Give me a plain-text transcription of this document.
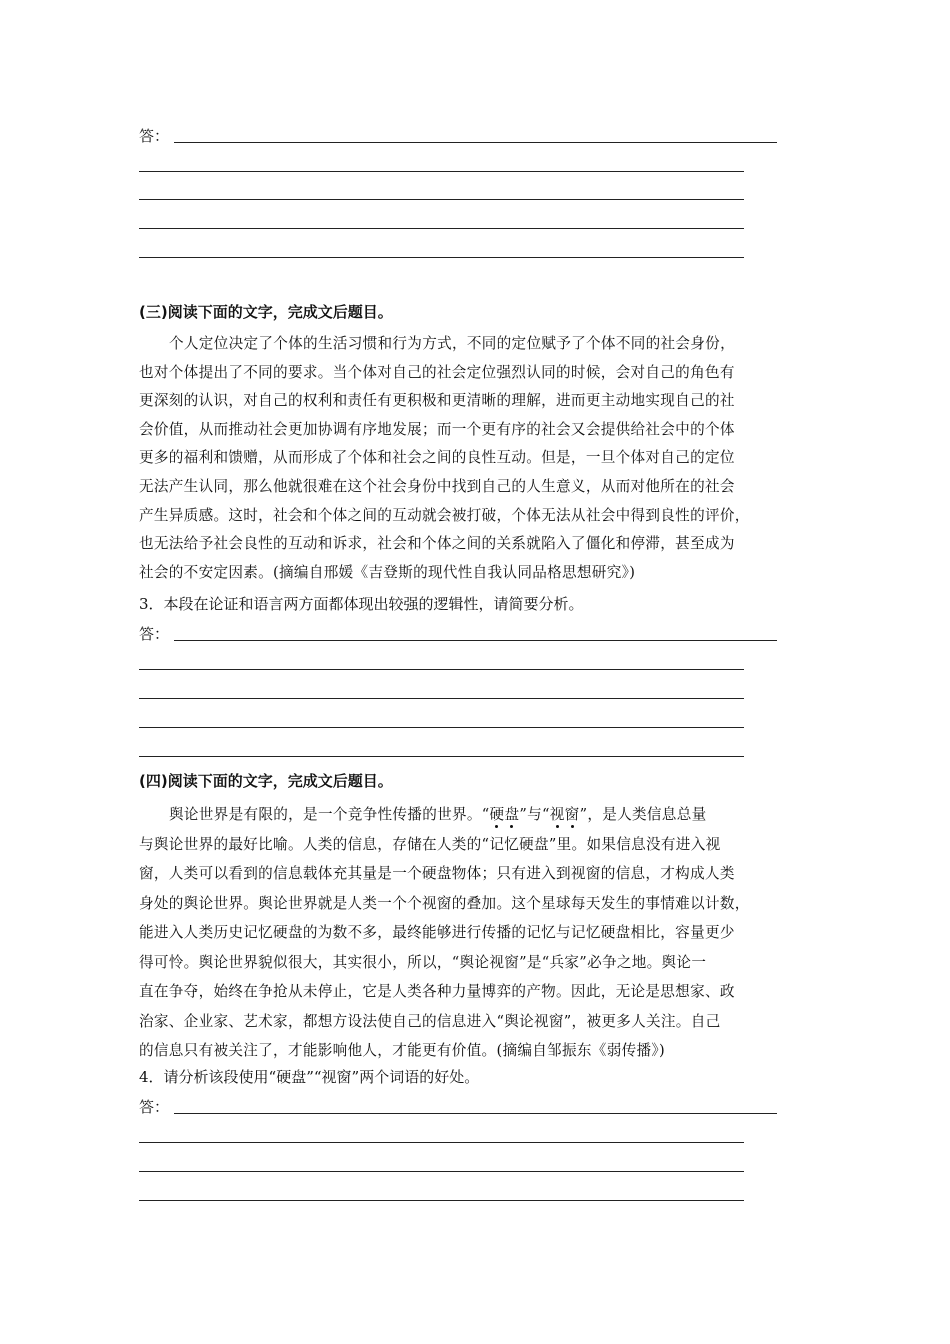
答：
(三)阅读下面的文字，完成文后题目。

个人定位决定了个体的生活习惯和行为方式，不同的定位赋予了个体不同的社会身份，

也对个体提出了不同的要求。当个体对自己的社会定位强烈认同的时候，会对自己的角色有

更深刻的认识，对自己的权利和责任有更积极和更清晰的理解，进而更主动地实现自己的社

会价值，从而推动社会更加协调有序地发展；而一个更有序的社会又会提供给社会中的个体

更多的福利和馈赠，从而形成了个体和社会之间的良性互动。但是，一旦个体对自己的定位

无法产生认同，那么他就很难在这个社会身份中找到自己的人生意义，从而对他所在的社会

产生异质感。这时，社会和个体之间的互动就会被打破，个体无法从社会中得到良性的评价，

也无法给予社会良性的互动和诉求，社会和个体之间的关系就陷入了僵化和停滞，甚至成为

社会的不安定因素。(摘编自邢媛《吉登斯的现代性自我认同品格思想研究》)

3．本段在论证和语言两方面都体现出较强的逻辑性，请简要分析。
答：
(四)阅读下面的文字，完成文后题目。

舆论世界是有限的，是一个竞争性传播的世界。“硬盘”与“视窗”，是人类信息总量

与舆论世界的最好比喻。人类的信息，存储在人类的“记忆硬盘”里。如果信息没有进入视

窗，人类可以看到的信息载体充其量是一个硬盘物体；只有进入到视窗的信息，才构成人类

身处的舆论世界。舆论世界就是人类一个个视窗的叠加。这个星球每天发生的事情难以计数，

能进入人类历史记忆硬盘的为数不多，最终能够进行传播的记忆与记忆硬盘相比，容量更少

得可怜。舆论世界貌似很大，其实很小，所以，“舆论视窗”是“兵家”必争之地。舆论一

直在争夺，始终在争抢从未停止，它是人类各种力量博弈的产物。因此，无论是思想家、政

治家、企业家、艺术家，都想方设法使自己的信息进入“舆论视窗”，被更多人关注。自己

的信息只有被关注了，才能影响他人，才能更有价值。(摘编自邹振东《弱传播》)

4．请分析该段使用“硬盘”“视窗”两个词语的好处。
答：
